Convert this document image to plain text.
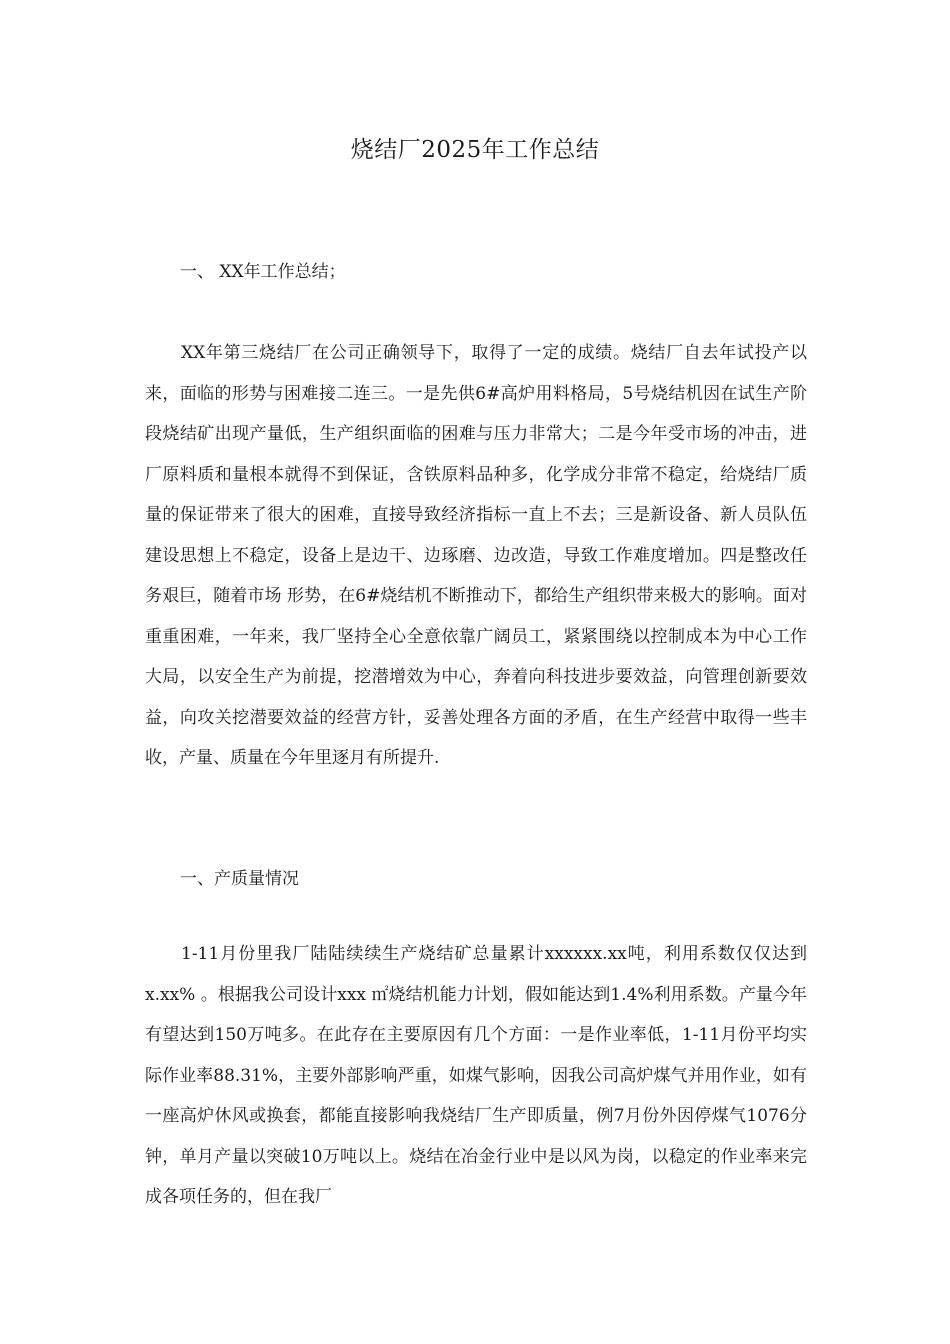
烧结厂2025年工作总结
一、 XX年工作总结；

XX年第三烧结厂在公司正确领导下，取得了一定的成绩。烧结厂自去年试投产以来，面临的形势与困难接二连三。一是先供6#高炉用料格局，5号烧结机因在试生产阶段烧结矿出现产量低，生产组织面临的困难与压力非常大；二是今年受市场的冲击，进厂原料质和量根本就得不到保证，含铁原料品种多，化学成分非常不稳定，给烧结厂质量的保证带来了很大的困难，直接导致经济指标一直上不去；三是新设备、新人员队伍建设思想上不稳定，设备上是边干、边琢磨、边改造，导致工作难度增加。四是整改任务艰巨，随着市场 形势，在6#烧结机不断推动下，都给生产组织带来极大的影响。面对重重困难，一年来，我厂坚持全心全意依靠广阔员工，紧紧围绕以控制成本为中心工作大局，以安全生产为前提，挖潜增效为中心，奔着向科技进步要效益，向管理创新要效益，向攻关挖潜要效益的经营方针，妥善处理各方面的矛盾，在生产经营中取得一些丰收，产量、质量在今年里逐月有所提升.

一、产质量情况

1-11月份里我厂陆陆续续生产烧结矿总量累计xxxxxx.xx吨，利用系数仅仅达到x.xx% 。根据我公司设计xxx ㎡烧结机能力计划，假如能达到1.4%利用系数。产量今年有望达到150万吨多。在此存在主要原因有几个方面：一是作业率低，1-11月份平均实际作业率88.31%，主要外部影响严重，如煤气影响，因我公司高炉煤气并用作业，如有一座高炉休风或换套，都能直接影响我烧结厂生产即质量，例7月份外因停煤气1076分钟，单月产量以突破10万吨以上。烧结在冶金行业中是以风为岗，以稳定的作业率来完成各项任务的，但在我厂
